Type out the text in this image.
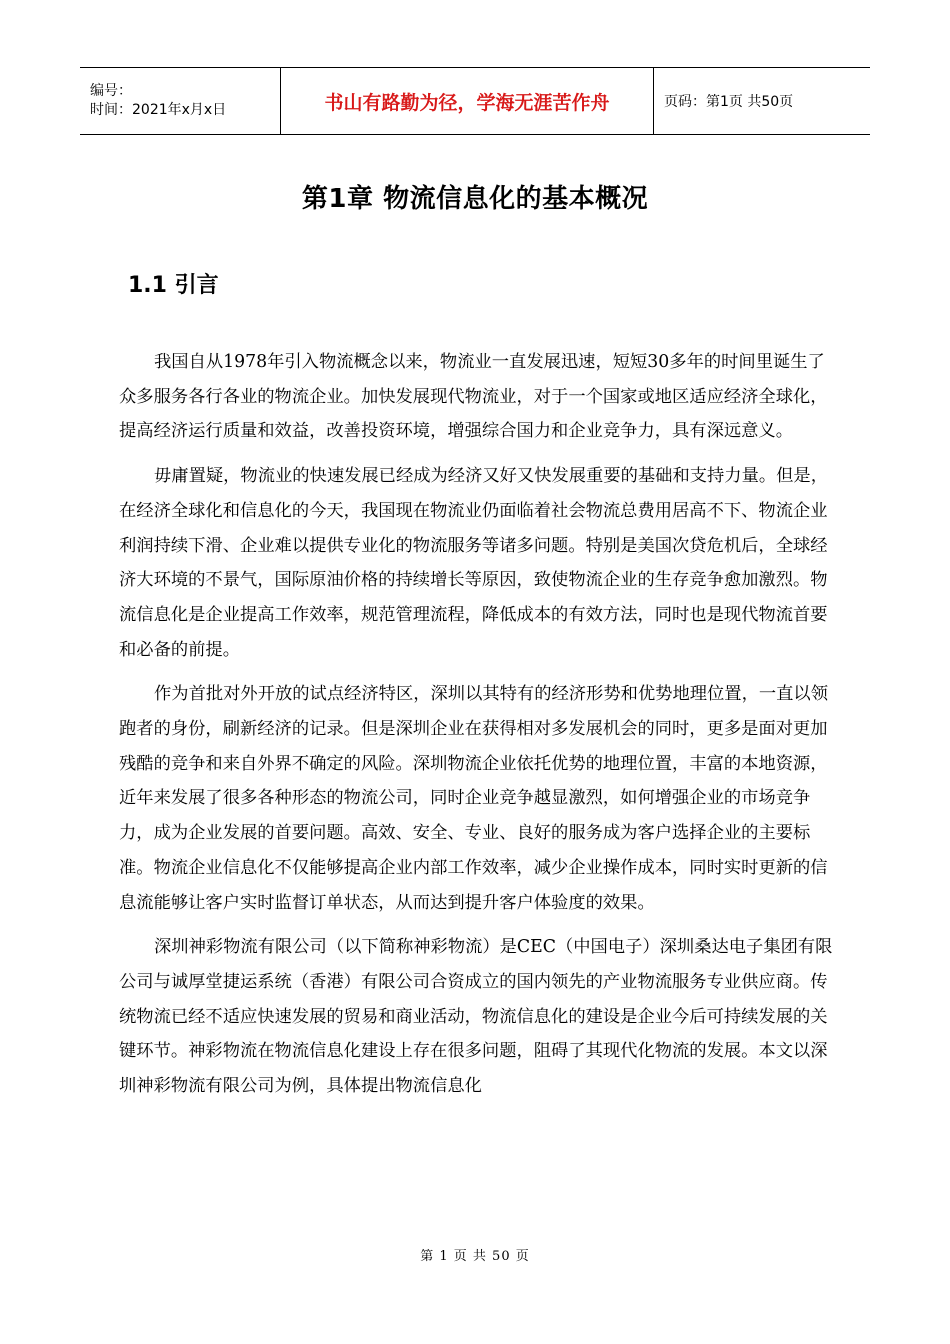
编号：
时间：2021年x月x日	书山有路勤为径，学海无涯苦作舟	页码：第1页 共50页
第1章 物流信息化的基本概况
1.1 引言

我国自从1978年引入物流概念以来，物流业一直发展迅速，短短30多年的时间里诞生了众多服务各行各业的物流企业。加快发展现代物流业，对于一个国家或地区适应经济全球化，提高经济运行质量和效益，改善投资环境，增强综合国力和企业竞争力，具有深远意义。

毋庸置疑，物流业的快速发展已经成为经济又好又快发展重要的基础和支持力量。但是，在经济全球化和信息化的今天，我国现在物流业仍面临着社会物流总费用居高不下、物流企业利润持续下滑、企业难以提供专业化的物流服务等诸多问题。特别是美国次贷危机后，全球经济大环境的不景气，国际原油价格的持续增长等原因，致使物流企业的生存竞争愈加激烈。物流信息化是企业提高工作效率，规范管理流程，降低成本的有效方法，同时也是现代物流首要和必备的前提。

作为首批对外开放的试点经济特区，深圳以其特有的经济形势和优势地理位置，一直以领跑者的身份，刷新经济的记录。但是深圳企业在获得相对多发展机会的同时，更多是面对更加残酷的竞争和来自外界不确定的风险。深圳物流企业依托优势的地理位置，丰富的本地资源，近年来发展了很多各种形态的物流公司，同时企业竞争越显激烈，如何增强企业的市场竞争力，成为企业发展的首要问题。高效、安全、专业、良好的服务成为客户选择企业的主要标准。物流企业信息化不仅能够提高企业内部工作效率，减少企业操作成本，同时实时更新的信息流能够让客户实时监督订单状态，从而达到提升客户体验度的效果。

深圳神彩物流有限公司（以下简称神彩物流）是CEC（中国电子）深圳桑达电子集团有限公司与诚厚堂捷运系统（香港）有限公司合资成立的国内领先的产业物流服务专业供应商。传统物流已经不适应快速发展的贸易和商业活动，物流信息化的建设是企业今后可持续发展的关键环节。神彩物流在物流信息化建设上存在很多问题，阻碍了其现代化物流的发展。本文以深圳神彩物流有限公司为例，具体提出物流信息化

第 1 页 共 50 页
